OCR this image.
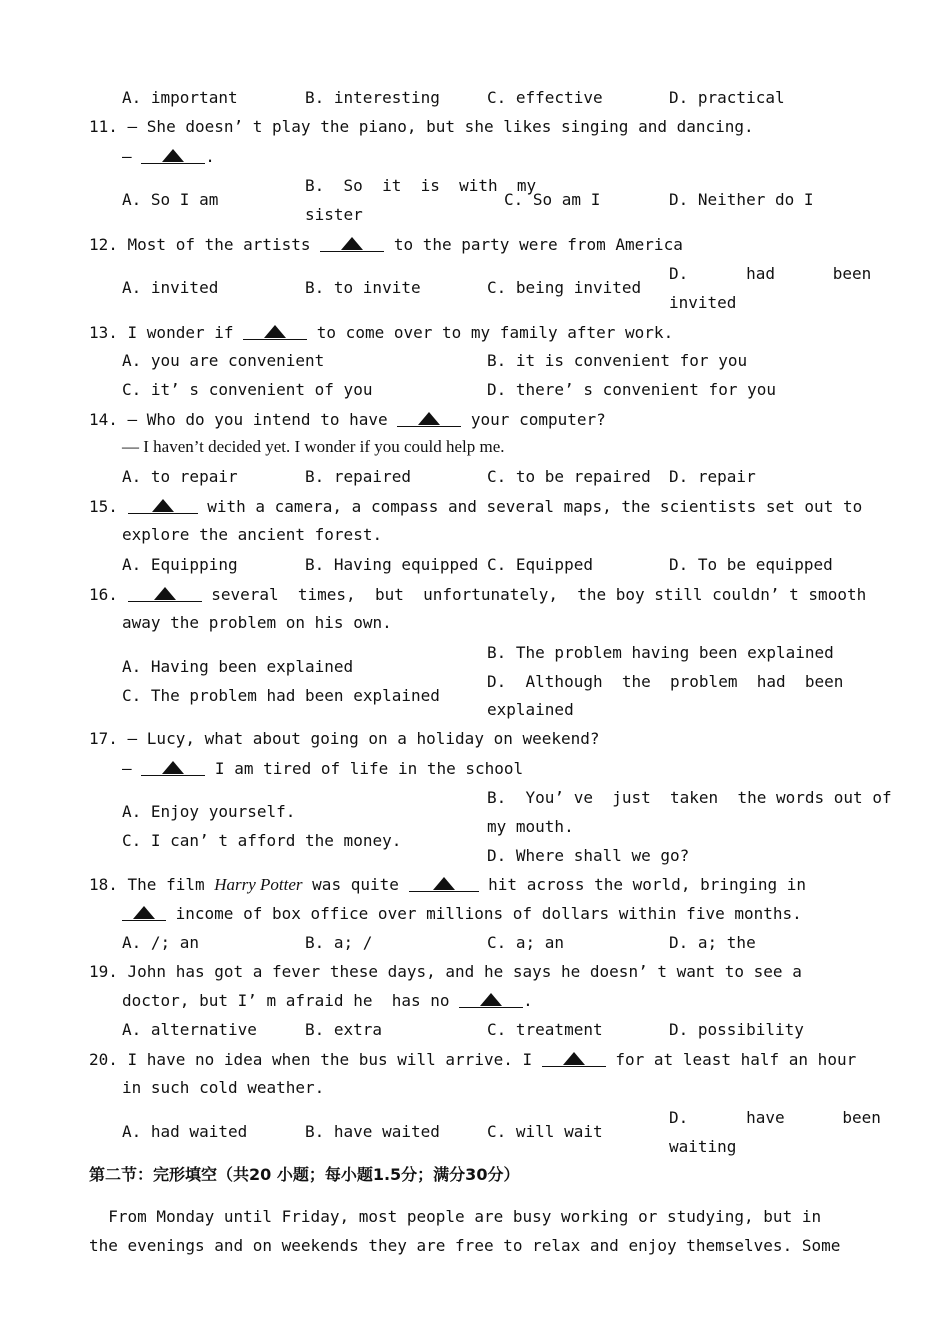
A. important	B. interesting	C. effective	D. practical
11. — She doesn’ t play the piano, but she likes singing and dancing.
—	.
A. So I am
B.  So  it  is  with  my
sister
C. So am I	D. Neither do I
12. Most of the artists	to the party were from America
A. invited	B. to invite	C. being invited
D.      had      been
invited
13. I wonder if	to come over to my family after work.
A. you are convenient	B. it is convenient for you
C. it’ s convenient of you	D. there’ s convenient for you
14. — Who do you intend to have	your computer?
— I haven’t decided yet. I wonder if you could help me.
A. to repair	B. repaired	C. to be repaired D. repair
15.	with a camera, a compass and several maps, the scientists set out to
explore the ancient forest.
A. Equipping	B. Having equipped C. Equipped	D. To be equipped
16.	several  times,  but  unfortunately,  the boy still couldn’ t smooth
away the problem on his own.
A. Having been explained
B. The problem having been explained
C. The problem had been explained
D.  Although  the  problem  had  been
explained
17. — Lucy, what about going on a holiday on weekend?
—	I am tired of life in the school
A. Enjoy yourself.
B.  You’ ve  just  taken  the words out of
my mouth.
C. I can’ t afford the money.
D. Where shall we go?
18. The film Harry Potter was quite	hit across the world, bringing in
income of box office over millions of dollars within five months.
A. /; an	B. a; /	C. a; an	D. a; the
19. John has got a fever these days, and he says he doesn’ t want to see a
doctor, but I’ m afraid he  has no	.
A. alternative	B. extra	C. treatment	D. possibility
20. I have no idea when the bus will arrive. I	for at least half an hour
in such cold weather.
A. had waited	B. have waited	C. will wait
D.      have      been
waiting
第二节：完形填空（共20 小题；每小题1.5分；满分30分）
From Monday until Friday, most people are busy working or studying, but in
the evenings and on weekends they are free to relax and enjoy themselves. Some
